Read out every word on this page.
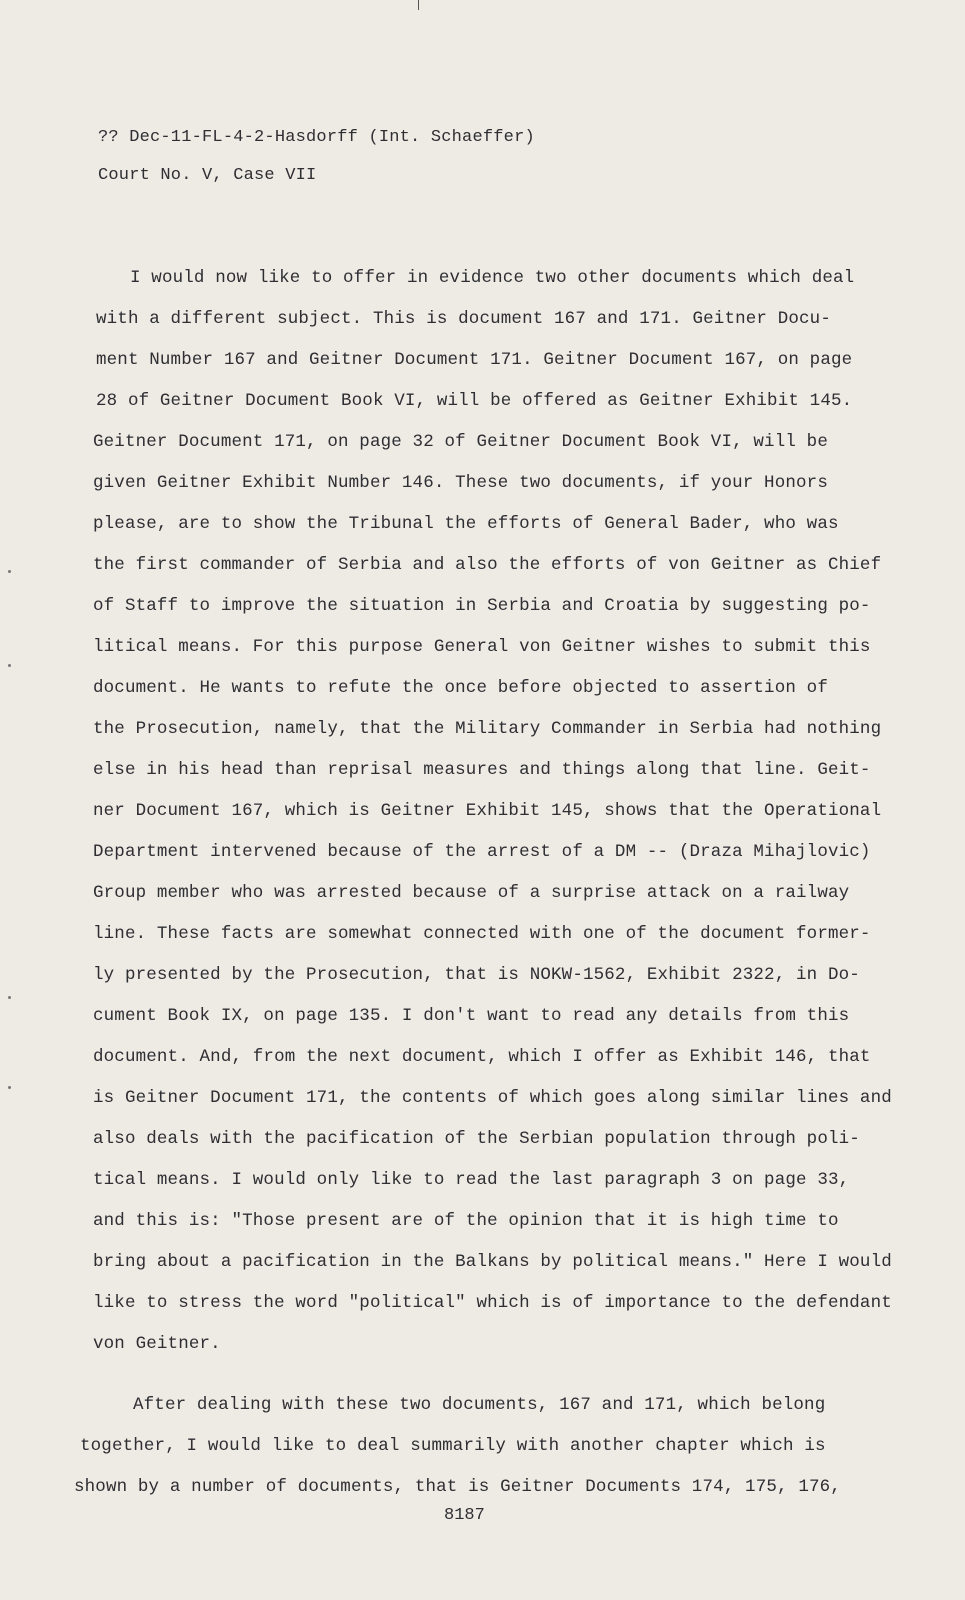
?? Dec-11-FL-4-2-Hasdorff (Int. Schaeffer)
Court No. V, Case VII
I would now like to offer in evidence two other documents which deal
with a different subject. This is document 167 and 171. Geitner Docu-
ment Number 167 and Geitner Document 171. Geitner Document 167, on page
28 of Geitner Document Book VI, will be offered as Geitner Exhibit 145.
Geitner Document 171, on page 32 of Geitner Document Book VI, will be
given Geitner Exhibit Number 146. These two documents, if your Honors
please, are to show the Tribunal the efforts of General Bader, who was
the first commander of Serbia and also the efforts of von Geitner as Chief
of Staff to improve the situation in Serbia and Croatia by suggesting po-
litical means. For this purpose General von Geitner wishes to submit this
document. He wants to refute the once before objected to assertion of
the Prosecution, namely, that the Military Commander in Serbia had nothing
else in his head than reprisal measures and things along that line. Geit-
ner Document 167, which is Geitner Exhibit 145, shows that the Operational
Department intervened because of the arrest of a DM -- (Draza Mihajlovic)
Group member who was arrested because of a surprise attack on a railway
line. These facts are somewhat connected with one of the document former-
ly presented by the Prosecution, that is NOKW-1562, Exhibit 2322, in Do-
cument Book IX, on page 135. I don't want to read any details from this
document. And, from the next document, which I offer as Exhibit 146, that
is Geitner Document 171, the contents of which goes along similar lines and
also deals with the pacification of the Serbian population through poli-
tical means. I would only like to read the last paragraph 3 on page 33,
and this is: "Those present are of the opinion that it is high time to
bring about a pacification in the Balkans by political means." Here I would
like to stress the word "political" which is of importance to the defendant
von Geitner.
After dealing with these two documents, 167 and 171, which belong
together, I would like to deal summarily with another chapter which is
shown by a number of documents, that is Geitner Documents 174, 175, 176,
8187
